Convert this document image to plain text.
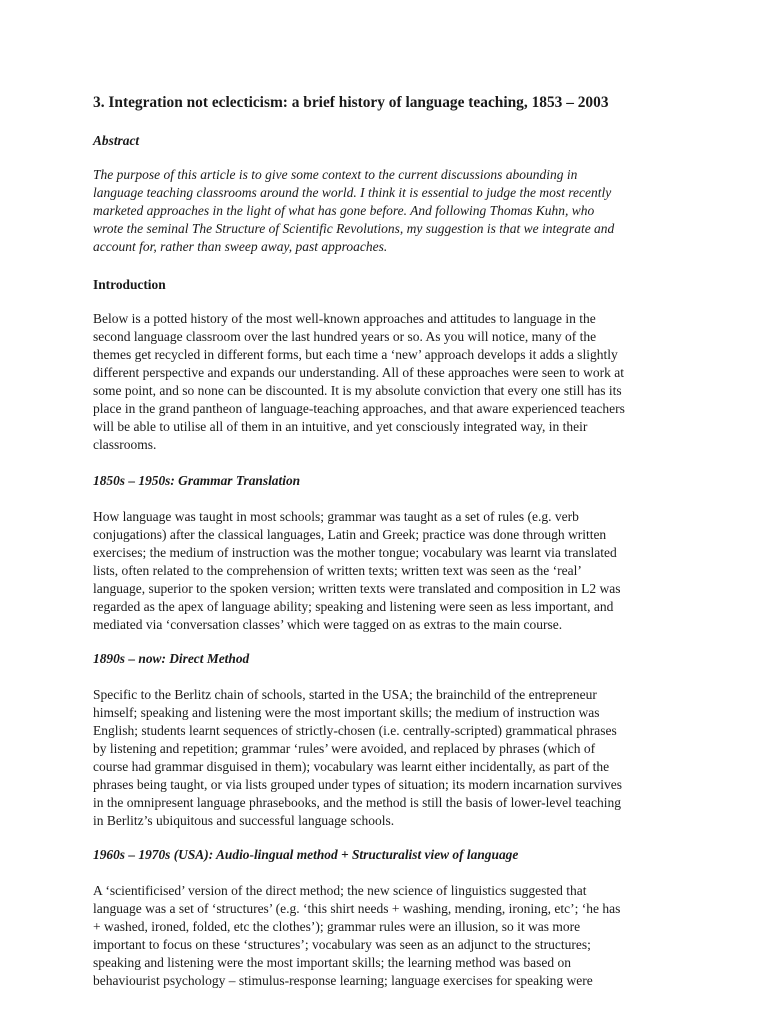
3. Integration not eclecticism: a brief history of language teaching, 1853 – 2003
Abstract
The purpose of this article is to give some context to the current discussions abounding in
language teaching classrooms around the world. I think it is essential to judge the most recently
marketed approaches in the light of what has gone before. And following Thomas Kuhn, who
wrote the seminal The Structure of Scientific Revolutions, my suggestion is that we integrate and
account for, rather than sweep away, past approaches.
Introduction
Below is a potted history of the most well-known approaches and attitudes to language in the
second language classroom over the last hundred years or so. As you will notice, many of the
themes get recycled in different forms, but each time a ‘new’ approach develops it adds a slightly
different perspective and expands our understanding. All of these approaches were seen to work at
some point, and so none can be discounted. It is my absolute conviction that every one still has its
place in the grand pantheon of language-teaching approaches, and that aware experienced teachers
will be able to utilise all of them in an intuitive, and yet consciously integrated way, in their
classrooms.
1850s – 1950s: Grammar Translation
How language was taught in most schools; grammar was taught as a set of rules (e.g. verb
conjugations) after the classical languages, Latin and Greek; practice was done through written
exercises; the medium of instruction was the mother tongue; vocabulary was learnt via translated
lists, often related to the comprehension of written texts; written text was seen as the ‘real’
language, superior to the spoken version; written texts were translated and composition in L2 was
regarded as the apex of language ability; speaking and listening were seen as less important, and
mediated via ‘conversation classes’ which were tagged on as extras to the main course.
1890s – now: Direct Method
Specific to the Berlitz chain of schools, started in the USA; the brainchild of the entrepreneur
himself; speaking and listening were the most important skills; the medium of instruction was
English; students learnt sequences of strictly-chosen (i.e. centrally-scripted) grammatical phrases
by listening and repetition; grammar ‘rules’ were avoided, and replaced by phrases (which of
course had grammar disguised in them); vocabulary was learnt either incidentally, as part of the
phrases being taught, or via lists grouped under types of situation; its modern incarnation survives
in the omnipresent language phrasebooks, and the method is still the basis of lower-level teaching
in Berlitz’s ubiquitous and successful language schools.
1960s – 1970s (USA): Audio-lingual method + Structuralist view of language
A ‘scientificised’ version of the direct method; the new science of linguistics suggested that
language was a set of ‘structures’ (e.g. ‘this shirt needs + washing, mending, ironing, etc’; ‘he has
+ washed, ironed, folded, etc the clothes’); grammar rules were an illusion, so it was more
important to focus on these ‘structures’; vocabulary was seen as an adjunct to the structures;
speaking and listening were the most important skills; the learning method was based on
behaviourist psychology – stimulus-response learning; language exercises for speaking were
